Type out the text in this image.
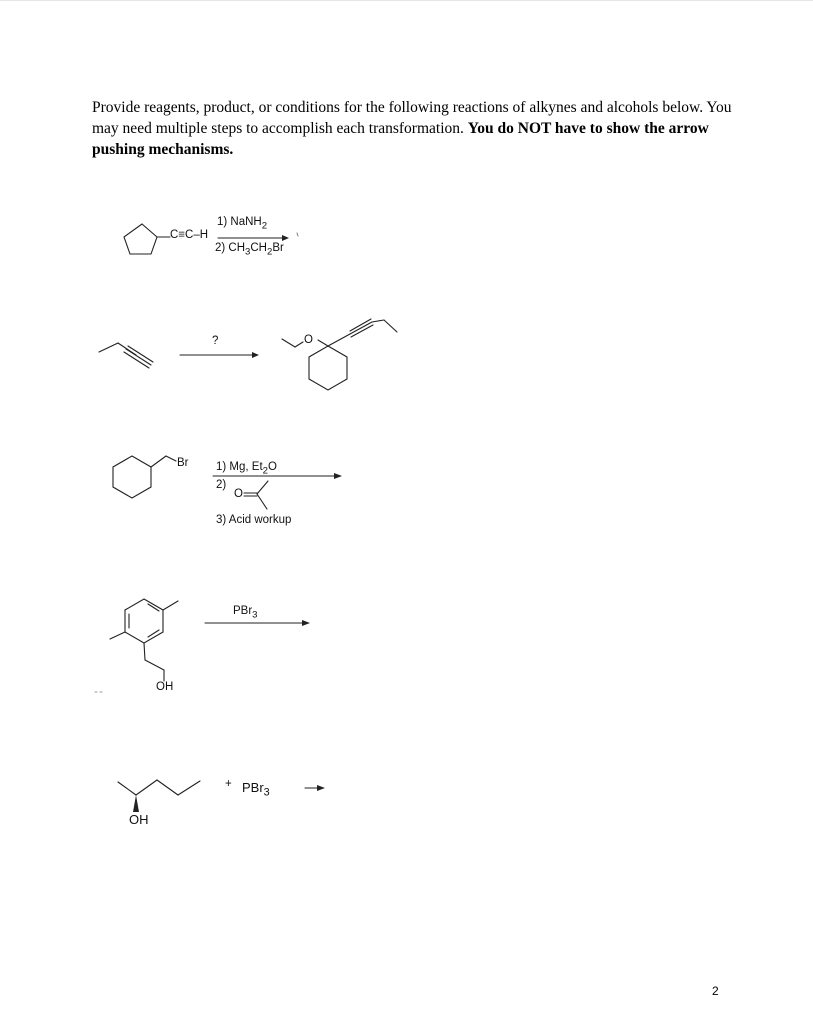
Provide reagents, product, or conditions for the following reactions of alkynes and alcohols below. You may need multiple steps to accomplish each transformation. You do NOT have to show the arrow pushing mechanisms.
C≡C–H
1) NaNH$_2$
2) $CH_3CH_2Br$
?	O
Br 1) Mg, $Et_2O$
2)
O
3) Acid workup
PBr$_3$
OH
+ PBr$_3$
OH
2
